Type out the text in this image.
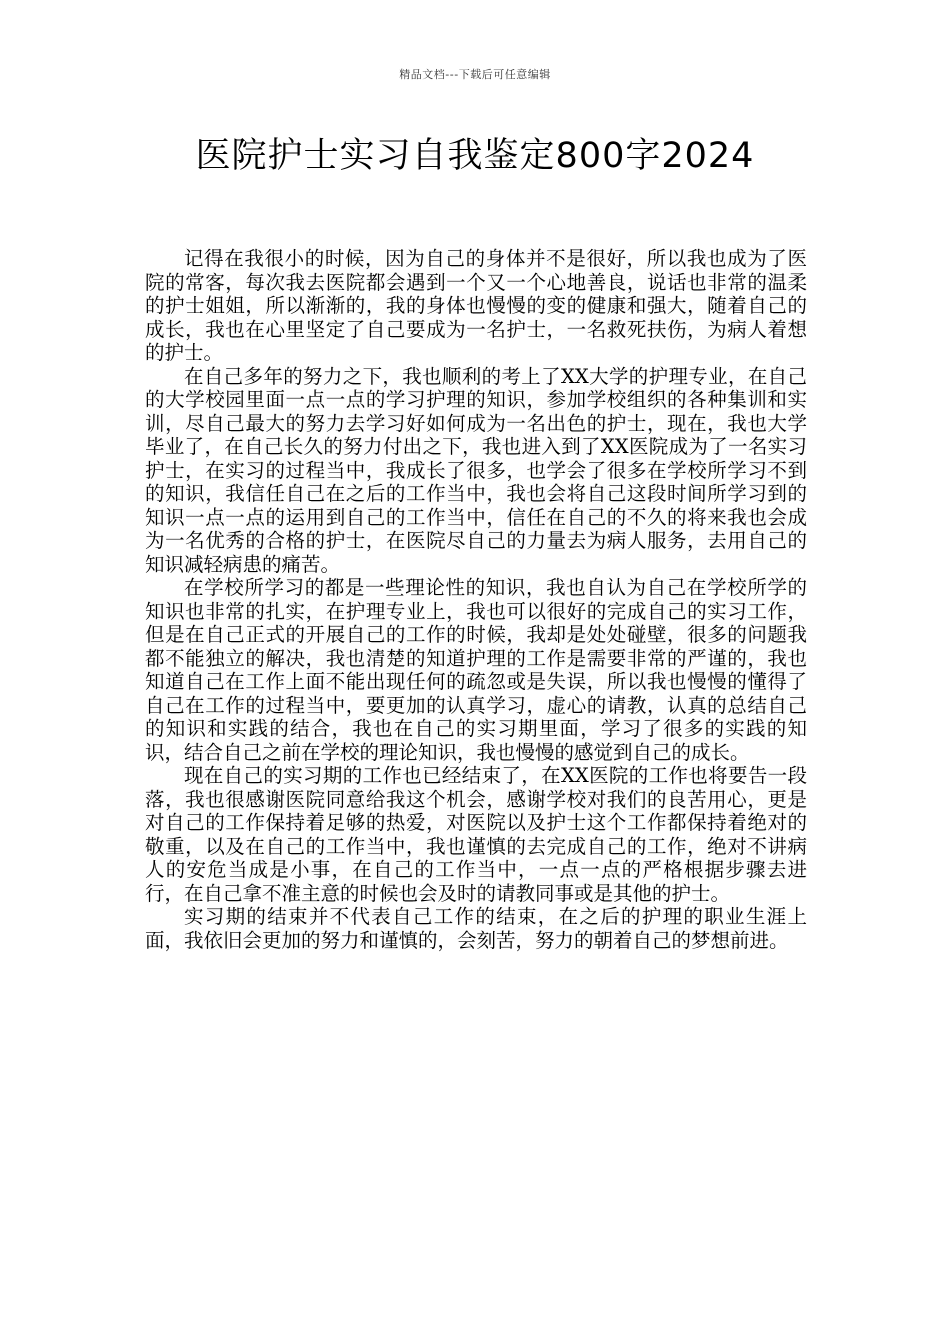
精品文档---下载后可任意编辑
医院护士实习自我鉴定800字2024

记得在我很小的时候，因为自己的身体并不是很好，所以我也成为了医院的常客，每次我去医院都会遇到一个又一个心地善良，说话也非常的温柔的护士姐姐，所以渐渐的，我的身体也慢慢的变的健康和强大，随着自己的成长，我也在心里坚定了自己要成为一名护士，一名救死扶伤，为病人着想的护士。

在自己多年的努力之下，我也顺利的考上了XX大学的护理专业，在自己的大学校园里面一点一点的学习护理的知识，参加学校组织的各种集训和实训，尽自己最大的努力去学习好如何成为一名出色的护士，现在，我也大学毕业了，在自己长久的努力付出之下，我也进入到了XX医院成为了一名实习护士，在实习的过程当中，我成长了很多，也学会了很多在学校所学习不到的知识，我信任自己在之后的工作当中，我也会将自己这段时间所学习到的知识一点一点的运用到自己的工作当中，信任在自己的不久的将来我也会成为一名优秀的合格的护士，在医院尽自己的力量去为病人服务，去用自己的知识减轻病患的痛苦。

在学校所学习的都是一些理论性的知识，我也自认为自己在学校所学的知识也非常的扎实，在护理专业上，我也可以很好的完成自己的实习工作，但是在自己正式的开展自己的工作的时候，我却是处处碰壁，很多的问题我都不能独立的解决，我也清楚的知道护理的工作是需要非常的严谨的，我也知道自己在工作上面不能出现任何的疏忽或是失误，所以我也慢慢的懂得了自己在工作的过程当中，要更加的认真学习，虚心的请教，认真的总结自己的知识和实践的结合，我也在自己的实习期里面，学习了很多的实践的知识，结合自己之前在学校的理论知识，我也慢慢的感觉到自己的成长。

现在自己的实习期的工作也已经结束了，在XX医院的工作也将要告一段落，我也很感谢医院同意给我这个机会，感谢学校对我们的良苦用心，更是对自己的工作保持着足够的热爱，对医院以及护士这个工作都保持着绝对的敬重，以及在自己的工作当中，我也谨慎的去完成自己的工作，绝对不讲病人的安危当成是小事，在自己的工作当中，一点一点的严格根据步骤去进行，在自己拿不准主意的时候也会及时的请教同事或是其他的护士。

实习期的结束并不代表自己工作的结束，在之后的护理的职业生涯上面，我依旧会更加的努力和谨慎的，会刻苦，努力的朝着自己的梦想前进。
